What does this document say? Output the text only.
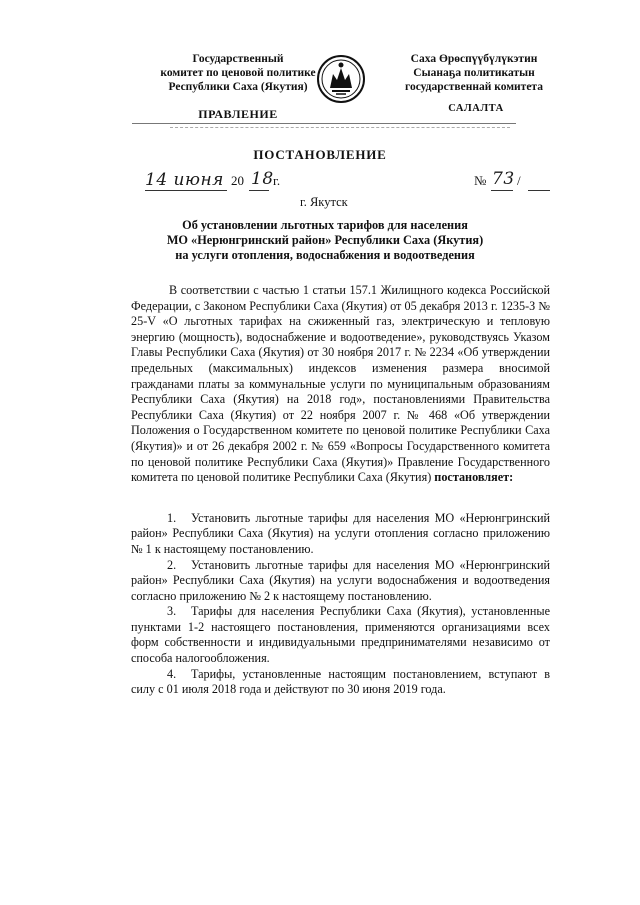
Государственный
комитет по ценовой политике
Республики Саха (Якутия)
Саха Өрөспүүбүлүкэтин
Сыанаҕа политикатын
государственнай комитета
ПРАВЛЕНИЕ	САЛАЛТА
ПОСТАНОВЛЕНИЕ
14 июня 20 18 г.	№ 73 /
г. Якутск
Об установлении льготных тарифов для населения
МО «Нерюнгринский район» Республики Саха (Якутия)
на услуги отопления, водоснабжения и водоотведения

В соответствии с частью 1 статьи 157.1 Жилищного кодекса Российской Федерации, с Законом Республики Саха (Якутия) от 05 декабря 2013 г. 1235-З № 25-V «О льготных тарифах на сжиженный газ, электрическую и тепловую энергию (мощность), водоснабжение и водоотведение», руководствуясь Указом Главы Республики Саха (Якутия) от 30 ноября 2017 г. № 2234 «Об утверждении предельных (максимальных) индексов изменения размера вносимой гражданами платы за коммунальные услуги по муниципальным образованиям Республики Саха (Якутия) на 2018 год», постановлениями Правительства Республики Саха (Якутия) от 22 ноября 2007 г. № 468 «Об утверждении Положения о Государственном комитете по ценовой политике Республики Саха (Якутия)» и от 26 декабря 2002 г. № 659 «Вопросы Государственного комитета по ценовой политике Республики Саха (Якутия)» Правление Государственного комитета по ценовой политике Республики Саха (Якутия) постановляет:

1. Установить льготные тарифы для населения МО «Нерюнгринский район» Республики Саха (Якутия) на услуги отопления согласно приложению № 1 к настоящему постановлению.

2. Установить льготные тарифы для населения МО «Нерюнгринский район» Республики Саха (Якутия) на услуги водоснабжения и водоотведения согласно приложению № 2 к настоящему постановлению.

3. Тарифы для населения Республики Саха (Якутия), установленные пунктами 1-2 настоящего постановления, применяются организациями всех форм собственности и индивидуальными предпринимателями независимо от способа налогообложения.

4. Тарифы, установленные настоящим постановлением, вступают в силу с 01 июля 2018 года и действуют по 30 июня 2019 года.
